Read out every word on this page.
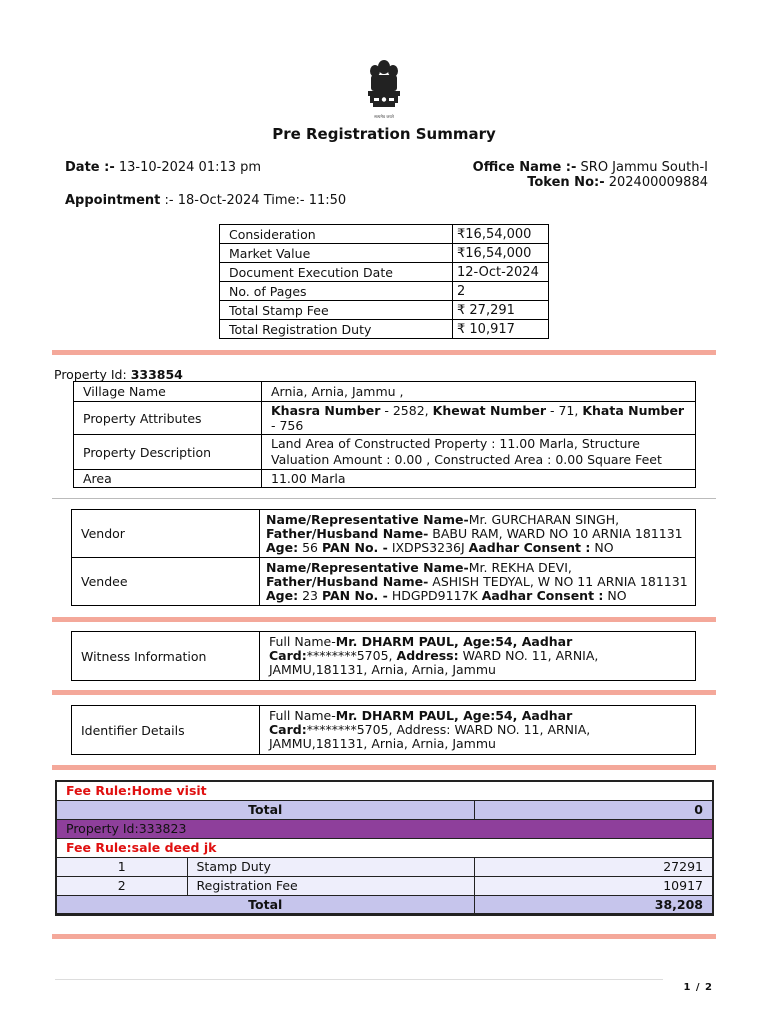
सत्यमेव जयते
Pre Registration Summary
Date :- 13-10-2024 01:13 pm	Office Name :- SRO Jammu South-I
Token No:- 202400009884
Appointment :- 18-Oct-2024 Time:- 11:50
Consideration	₹16,54,000
Market Value	₹16,54,000
Document Execution Date	12-Oct-2024
No. of Pages	2
Total Stamp Fee	₹ 27,291
Total Registration Duty	₹ 10,917
Property Id: 333854
Village Name	Arnia, Arnia, Jammu ,
Property Attributes	Khasra Number - 2582, Khewat Number - 71, Khata Number - 756
Property Description	Land Area of Constructed Property : 11.00 Marla, Structure Valuation Amount : 0.00 , Constructed Area : 0.00 Square Feet
Area	11.00 Marla
Vendor	Name/Representative Name-Mr. GURCHARAN SINGH,
Father/Husband Name- BABU RAM, WARD NO 10 ARNIA 181131
Age: 56 PAN No. - IXDPS3236J Aadhar Consent : NO
Vendee	Name/Representative Name-Mr. REKHA DEVI,
Father/Husband Name- ASHISH TEDYAL, W NO 11 ARNIA 181131
Age: 23 PAN No. - HDGPD9117K Aadhar Consent : NO
Witness Information	Full Name-Mr. DHARM PAUL, Age:54, Aadhar Card:********5705, Address: WARD NO. 11, ARNIA, JAMMU,181131, Arnia, Arnia, Jammu
Identifier Details	Full Name-Mr. DHARM PAUL, Age:54, Aadhar Card:********5705, Address: WARD NO. 11, ARNIA, JAMMU,181131, Arnia, Arnia, Jammu
Fee Rule:Home visit		
Total		0
Property Id:333823		
Fee Rule:sale deed jk		
1	Stamp Duty	27291
2	Registration Fee	10917
Total		38,208
1 / 2
